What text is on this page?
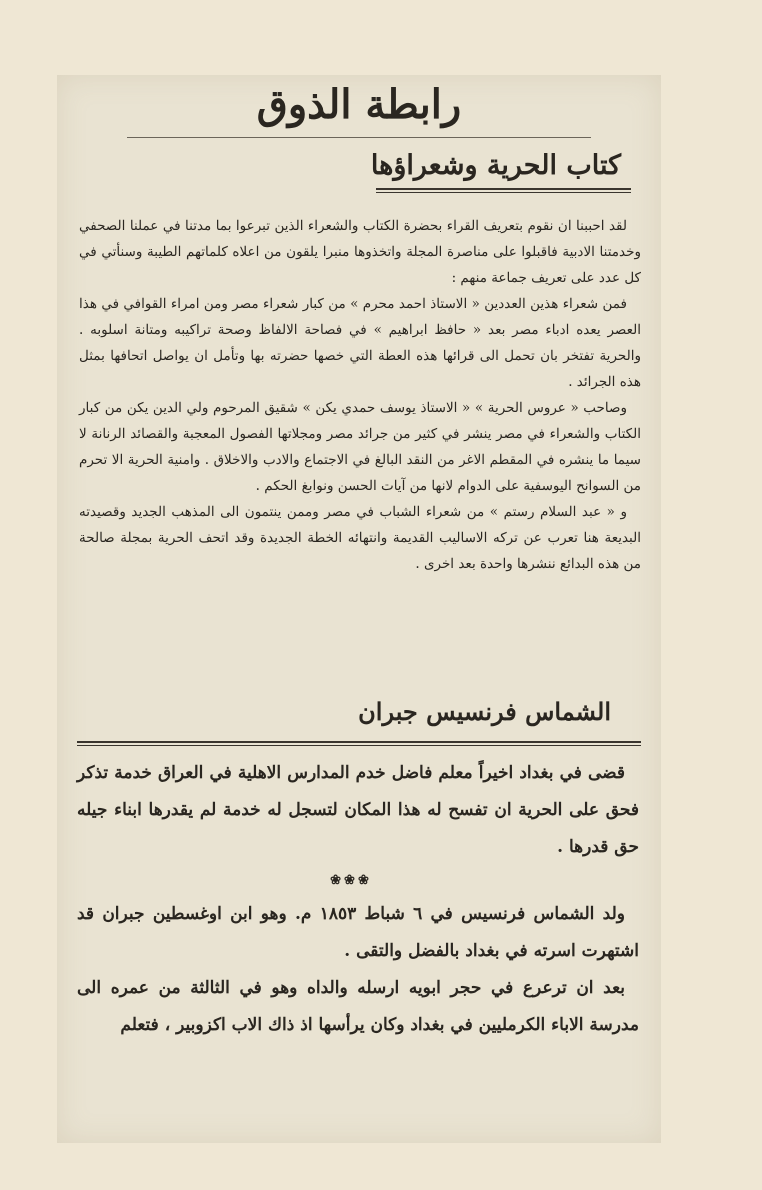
رابطة الذوق
كتاب الحرية وشعراؤها

لقد احببنا ان نقوم بتعريف القراء بحضرة الكتاب والشعراء الذين تبرعوا بما مدتنا في عملنا الصحفي وخدمتنا الادبية فاقبلوا على مناصرة المجلة واتخذوها منبرا يلقون من اعلاه كلماتهم الطيبة وسنأتي في كل عدد على تعريف جماعة منهم :

فمن شعراء هذين العددين « الاستاذ احمد محرم » من كبار شعراء مصر ومن امراء القوافي في هذا العصر يعده ادباء مصر بعد « حافظ ابراهيم » في فصاحة الالفاظ وصحة تراكيبه ومتانة اسلوبه . والحرية تفتخر بان تحمل الى قرائها هذه العطة التي خصها حضرته بها وتأمل ان يواصل اتحافها بمثل هذه الجرائد .

وصاحب « عروس الحرية » « الاستاذ يوسف حمدي يكن » شقيق المرحوم ولي الدين يكن من كبار الكتاب والشعراء في مصر ينشر في كثير من جرائد مصر ومجلاتها الفصول المعجبة والقصائد الرنانة لا سيما ما ينشره في المقطم الاغر من النقد البالغ في الاجتماع والادب والاخلاق . وامنية الحرية الا تحرم من السوانح اليوسفية على الدوام لانها من آيات الحسن ونوابغ الحكم .

و « عبد السلام رستم » من شعراء الشباب في مصر وممن ينتمون الى المذهب الجديد وقصيدته البديعة هنا تعرب عن تركه الاساليب القديمة وانتهائه الخطة الجديدة وقد اتحف الحرية بمجلة صالحة من هذه البدائع ننشرها واحدة بعد اخرى .

الشماس فرنسيس جبران

قضى في بغداد اخيراً معلم فاضل خدم المدارس الاهلية في العراق خدمة تذكر فحق على الحرية ان تفسح له هذا المكان لتسجل له خدمة لم يقدرها ابناء جيله حق قدرها .

❀❀❀

ولد الشماس فرنسيس في ٦ شباط ١٨٥٣ م. وهو ابن اوغسطين جبران قد اشتهرت اسرته في بغداد بالفضل والتقى .

بعد ان ترعرع في حجر ابويه ارسله والداه وهو في الثالثة من عمره الى مدرسة الاباء الكرمليين في بغداد وكان يرأسها اذ ذاك الاب اكزوبير ، فتعلم
